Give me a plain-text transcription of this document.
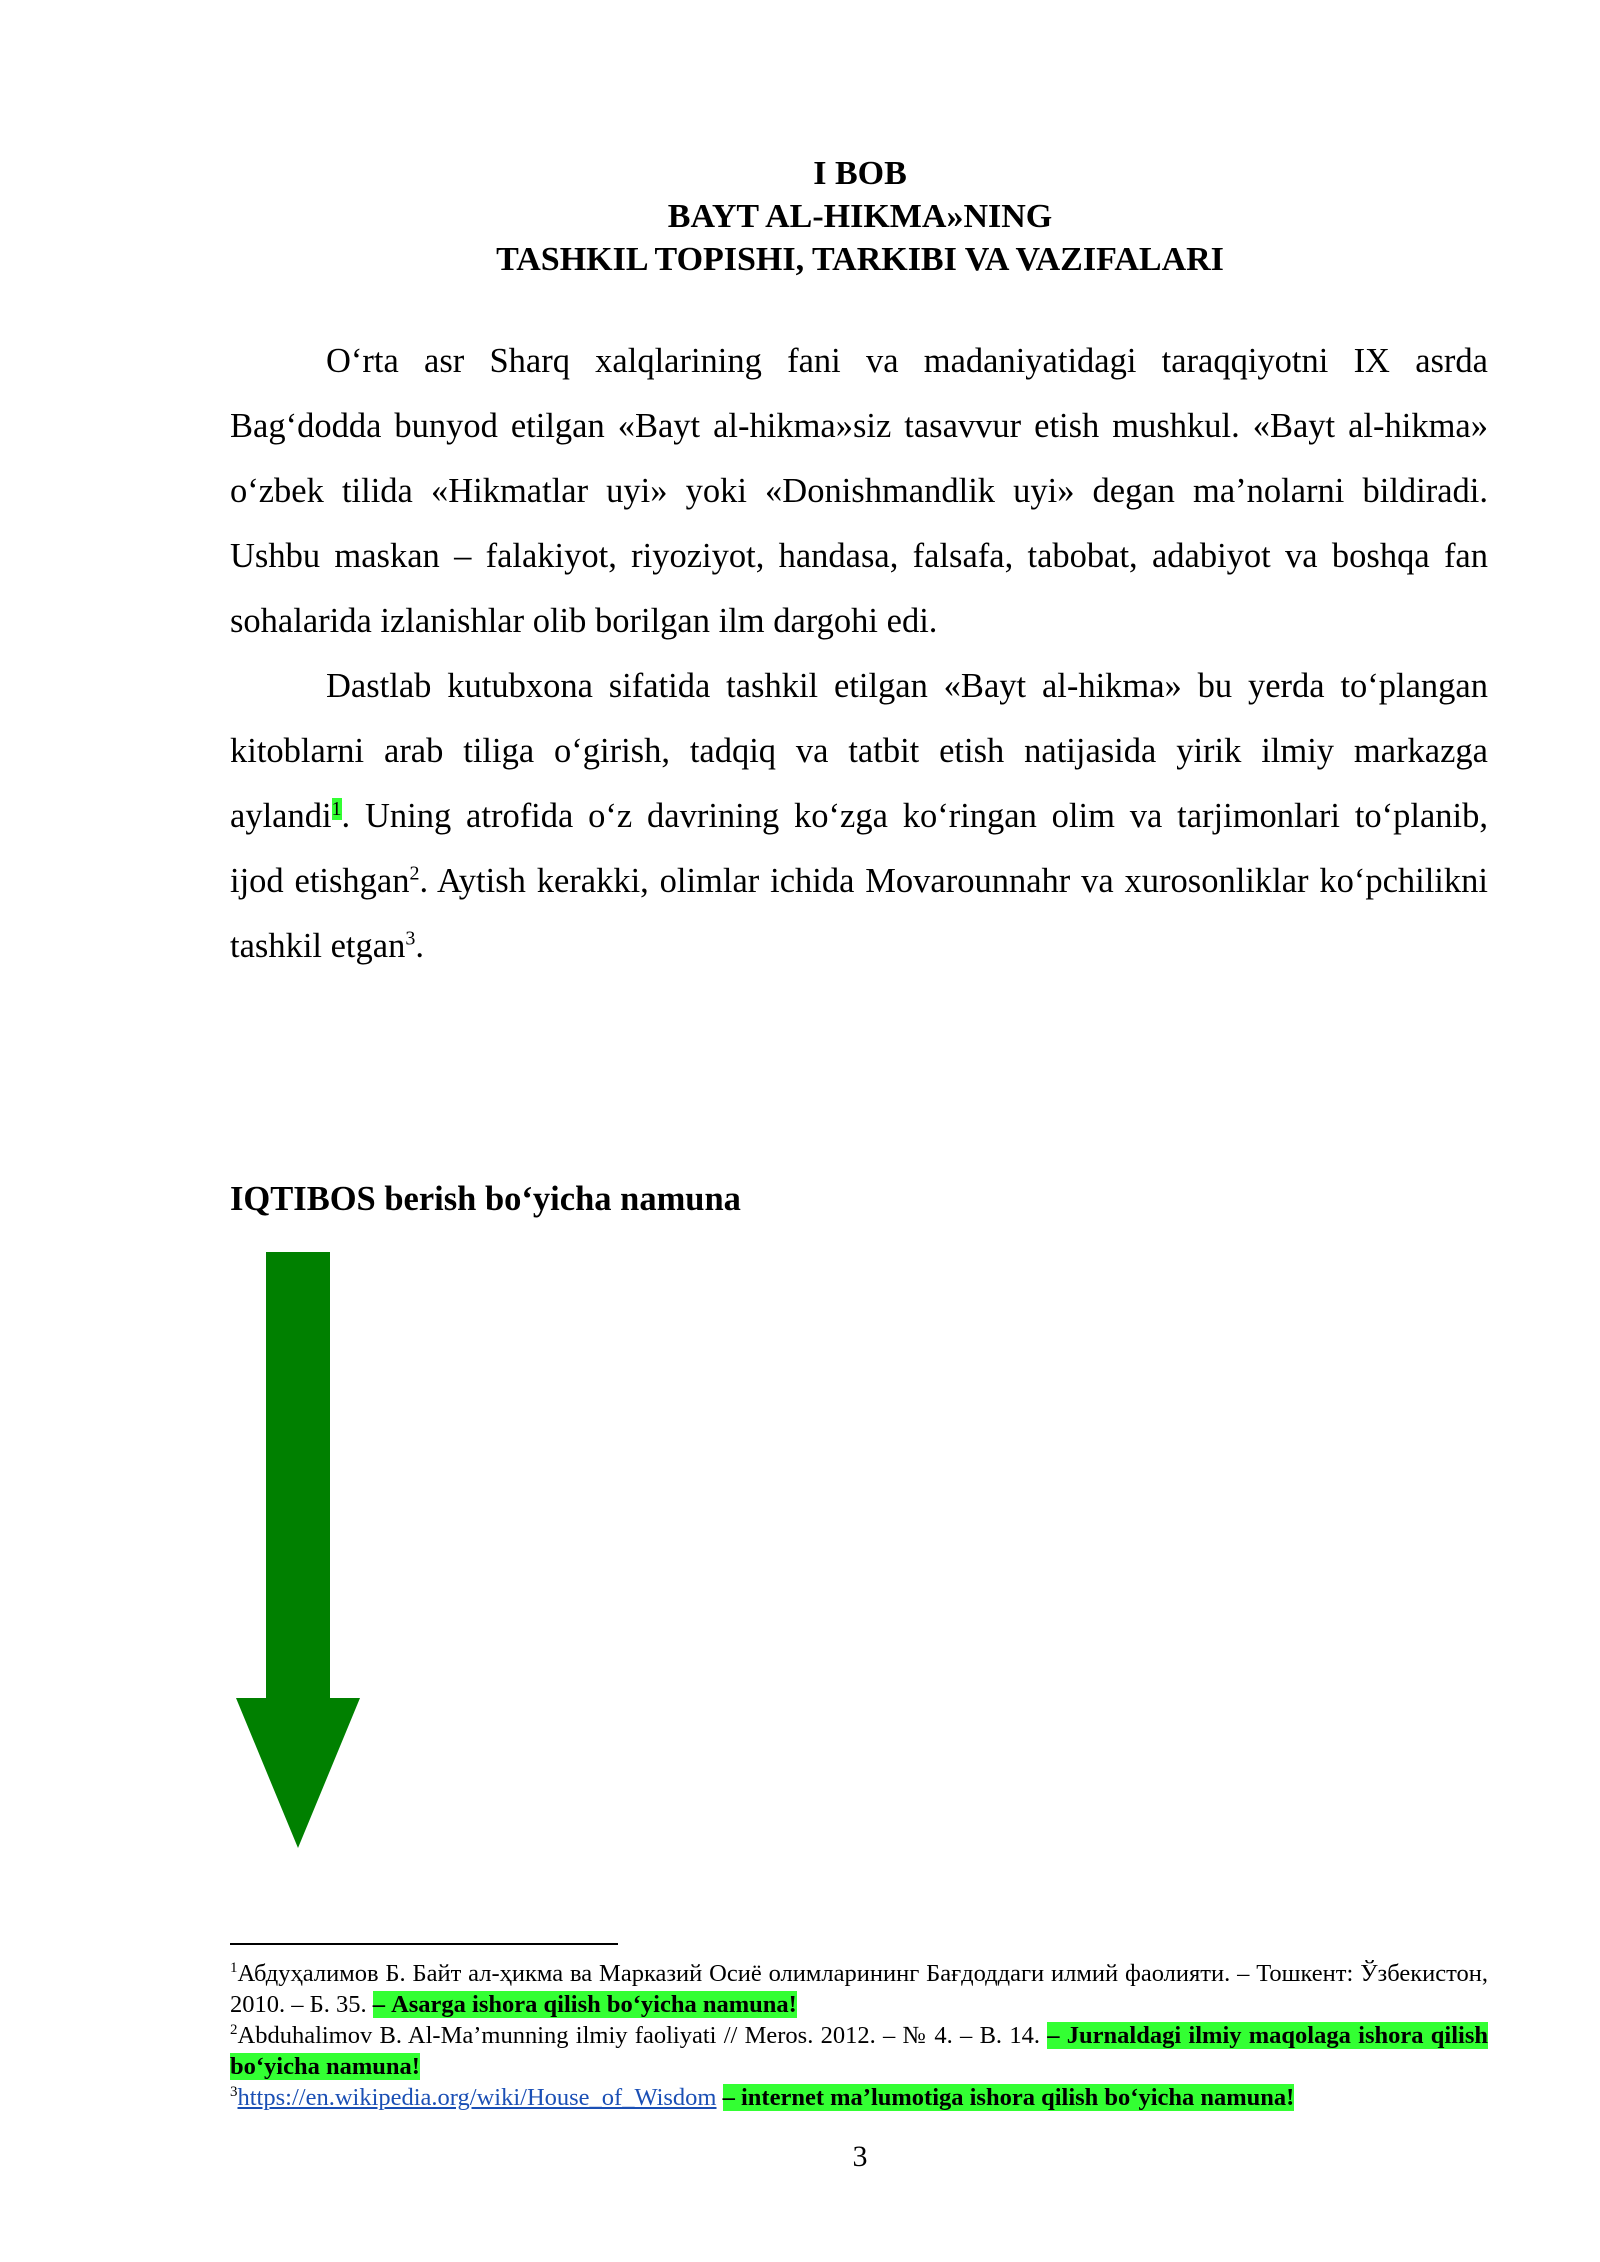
I BOB
BAYT AL-HIKMA»NING
TASHKIL TOPISHI, TARKIBI VA VAZIFALARI

O‘rta asr Sharq xalqlarining fani va madaniyatidagi taraqqiyotni IX asrda Bag‘dodda bunyod etilgan «Bayt al-hikma»siz tasavvur etish mushkul. «Bayt al-hikma» o‘zbek tilida «Hikmatlar uyi» yoki «Donishmandlik uyi» degan ma’nolarni bildiradi. Ushbu maskan – falakiyot, riyoziyot, handasa, falsafa, tabobat, adabiyot va boshqa fan sohalarida izlanishlar olib borilgan ilm dargohi edi.

Dastlab kutubxona sifatida tashkil etilgan «Bayt al-hikma» bu yerda to‘plangan kitoblarni arab tiliga o‘girish, tadqiq va tatbit etish natijasida yirik ilmiy markazga aylandi$^1$. Uning atrofida o‘z davrining ko‘zga ko‘ringan olim va tarjimonlari to‘planib, ijod etishgan$^2$. Aytish kerakki, olimlar ichida Movarounnahr va xurosonliklar ko‘pchilikni tashkil etgan$^3$.

IQTIBOS berish bo‘yicha namuna

$^1$Абдуҳалимов Б. Байт ал-ҳикма ва Марказий Осиё олимларининг Бағдоддаги илмий фаолияти. – Тошкент: Ўзбекистон, 2010. – Б. 35. – Asarga ishora qilish bo‘yicha namuna!

$^2$Abduhalimov B. Al-Ma’munning ilmiy faoliyati // Meros. 2012. – № 4. – B. 14. – Jurnaldagi ilmiy maqolaga ishora qilish bo‘yicha namuna!

$^3$https://en.wikipedia.org/wiki/House_of_Wisdom – internet ma’lumotiga ishora qilish bo‘yicha namuna!

3
